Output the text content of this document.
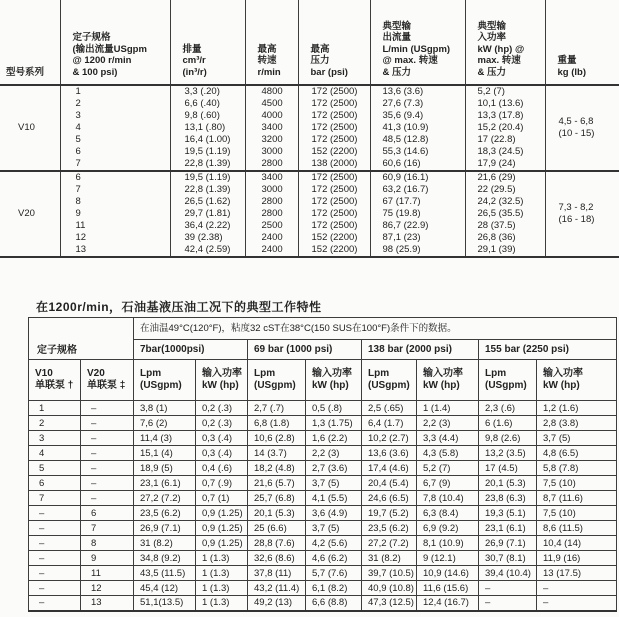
型号系列

定子规格
(输出流量USgpm
@ 1200 r/min
& 100 psi)

排量
cm³/r
(in³/r)

最高
转速
r/min

最高
压力
bar (psi)

典型输
出流量
L/min (USgpm)
@ max. 转速
& 压力

典型输
入功率
kW (hp) @
max. 转速
& 压力

重量
kg (lb)

V10	1	3,3 (.20)	4800	172 (2500)	13,6 (3.6)	5,2 (7)	4,5 - 6,8
(10 - 15)

	2	6,6 (.40)	4500	172 (2500)	27,6 (7.3)	10,1 (13.6)	
	3	9,8 (.60)	4000	172 (2500)	35,6 (9.4)	13,3 (17.8)	
	4	13,1 (.80)	3400	172 (2500)	41,3 (10.9)	15,2 (20.4)	
	5	16,4 (1.00)	3200	172 (2500)	48,5 (12.8)	17 (22.8)	
	6	19,5 (1.19)	3000	152 (2200)	55,3 (14.6)	18,3 (24.5)	
	7	22,8 (1.39)	2800	138 (2000)	60,6 (16)	17,9 (24)	
V20	6	19,5 (1.19)	3400	172 (2500)	60,9 (16.1)	21,6 (29)	7,3 - 8,2
(16 - 18)

	7	22,8 (1.39)	3000	172 (2500)	63,2 (16.7)	22 (29.5)	
	8	26,5 (1.62)	2800	172 (2500)	67 (17.7)	24,2 (32.5)	
	9	29,7 (1.81)	2800	172 (2500)	75 (19.8)	26,5 (35.5)	
	11	36,4 (2.22)	2500	172 (2500)	86,7 (22.9)	28 (37.5)	
	12	39 (2.38)	2400	152 (2200)	87,1 (23)	26,8 (36)	
	13	42,4 (2.59)	2400	152 (2200)	98 (25.9)	29,1 (39)	
在1200r/min，石油基液压油工况下的典型工作特性
定子规格		在油温49°C(120°F)，粘度32 cST在38°C(150 SUS在100°F)条件下的数据。							
		7bar(1000psi)		69 bar (1000 psi)		138 bar (2000 psi)		155 bar (2250 psi)	

V10
单联泵 †

V20
单联泵 ‡

Lpm
(USgpm)

输入功率
kW (hp)

Lpm
(USgpm)

输入功率
kW (hp)

Lpm
(USgpm)

输入功率
kW (hp)

Lpm
(USgpm)

输入功率
kW (hp)

1	–	3,8 (1)	0,2 (.3)	2,7 (.7)	0,5 (.8)	2,5 (.65)	1 (1.4)	2,3 (.6)	1,2 (1.6)
2	–	7,6 (2)	0,2 (.3)	6,8 (1.8)	1,3 (1.75)	6,4 (1.7)	2,2 (3)	6 (1.6)	2,8 (3.8)
3	–	11,4 (3)	0,3 (.4)	10,6 (2.8)	1,6 (2.2)	10,2 (2.7)	3,3 (4.4)	9,8 (2.6)	3,7 (5)
4	–	15,1 (4)	0,3 (.4)	14 (3.7)	2,2 (3)	13,6 (3.6)	4,3 (5.8)	13,2 (3.5)	4,8 (6.5)
5	–	18,9 (5)	0,4 (.6)	18,2 (4.8)	2,7 (3.6)	17,4 (4.6)	5,2 (7)	17 (4.5)	5,8 (7.8)
6	–	23,1 (6.1)	0,7 (.9)	21,6 (5.7)	3,7 (5)	20,4 (5.4)	6,7 (9)	20,1 (5.3)	7,5 (10)
7	–	27,2 (7.2)	0,7 (1)	25,7 (6.8)	4,1 (5.5)	24,6 (6.5)	7,8 (10.4)	23,8 (6.3)	8,7 (11.6)
–	6	23,5 (6.2)	0,9 (1.25)	20,1 (5.3)	3,6 (4.9)	19,7 (5.2)	6,3 (8.4)	19,3 (5.1)	7,5 (10)
–	7	26,9 (7.1)	0,9 (1.25)	25 (6.6)	3,7 (5)	23,5 (6.2)	6,9 (9.2)	23,1 (6.1)	8,6 (11.5)
–	8	31 (8.2)	0,9 (1.25)	28,8 (7.6)	4,2 (5.6)	27,2 (7.2)	8,1 (10.9)	26,9 (7.1)	10,4 (14)
–	9	34,8 (9.2)	1 (1.3)	32,6 (8.6)	4,6 (6.2)	31 (8.2)	9 (12.1)	30,7 (8.1)	11,9 (16)
–	11	43,5 (11.5)	1 (1.3)	37,8 (11)	5,7 (7.6)	39,7 (10.5)	10,9 (14.6)	39,4 (10.4)	13 (17.5)
–	12	45,4 (12)	1 (1.3)	43,2 (11.4)	6,1 (8.2)	40,9 (10.8)	11,6 (15.6)	–	–
–	13	51,1(13.5)	1 (1.3)	49,2 (13)	6,6 (8.8)	47,3 (12.5)	12,4 (16.7)	–	–
